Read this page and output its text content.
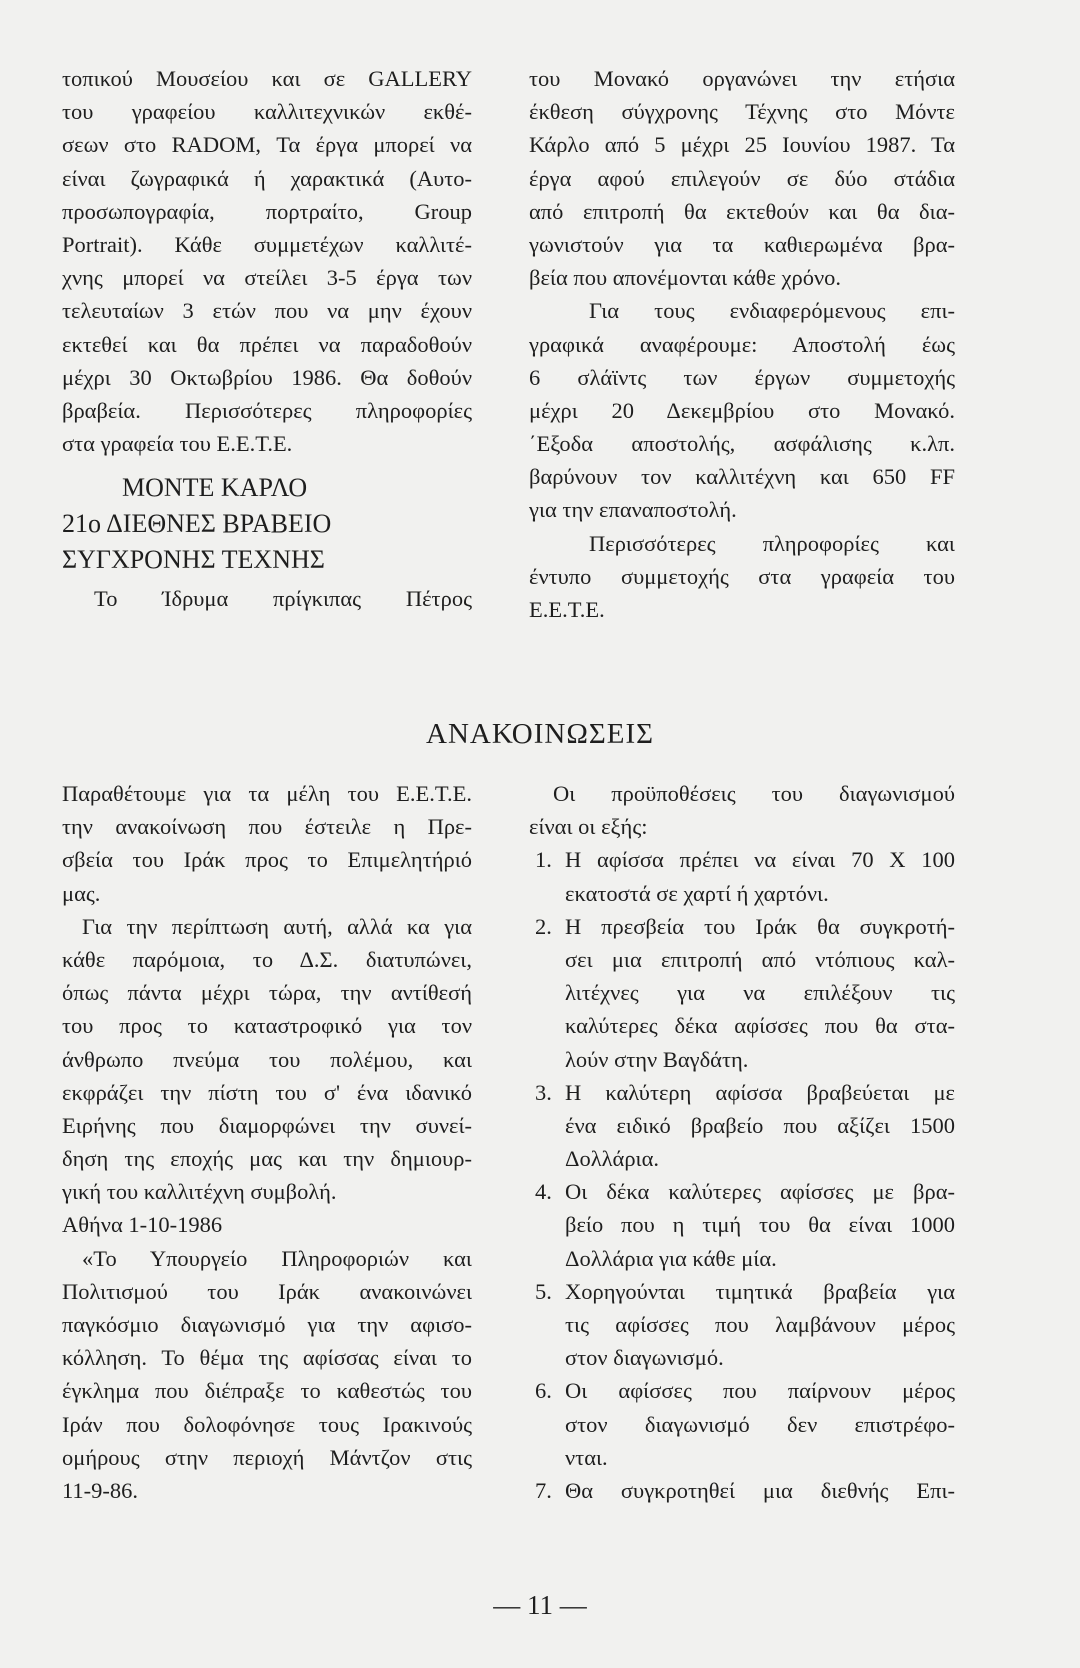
τοπικού Μουσείου και σε GALLERY
του γραφείου καλλιτεχνικών εκθέ-
σεων στο RADOM, Τα έργα μπορεί να
είναι ζωγραφικά ή χαρακτικά (Αυτο-
προσωπογραφία, πορτραίτο, Group
Portrait). Κάθε συμμετέχων καλλιτέ-
χνης μπορεί να στείλει 3-5 έργα των
τελευταίων 3 ετών που να μην έχουν
εκτεθεί και θα πρέπει να παραδοθούν
μέχρι 30 Οκτωβρίου 1986. Θα δοθούν
βραβεία. Περισσότερες πληροφορίες
στα γραφεία του Ε.Ε.Τ.Ε.
ΜΟΝΤΕ ΚΑΡΛΟ
21ο ΔΙΕΘΝΕΣ ΒΡΑΒΕΙΟ
ΣΥΓΧΡΟΝΗΣ ΤΕΧΝΗΣ
Το Ίδρυμα πρίγκιπας Πέτρος
του Μονακό οργανώνει την ετήσια
έκθεση σύγχρονης Τέχνης στο Μόντε
Κάρλο από 5 μέχρι 25 Ιουνίου 1987. Τα
έργα αφού επιλεγούν σε δύο στάδια
από επιτροπή θα εκτεθούν και θα δια-
γωνιστούν για τα καθιερωμένα βρα-
βεία που απονέμονται κάθε χρόνο.
Για τους ενδιαφερόμενους επι-
γραφικά αναφέρουμε: Αποστολή έως
6 σλάϊντς των έργων συμμετοχής
μέχρι 20 Δεκεμβρίου στο Μονακό.
΄Εξοδα αποστολής, ασφάλισης κ.λπ.
βαρύνουν τον καλλιτέχνη και 650 FF
για την επαναποστολή.
Περισσότερες πληροφορίες και
έντυπο συμμετοχής στα γραφεία του
Ε.Ε.Τ.Ε.
ΑΝΑΚΟΙΝΩΣΕΙΣ
Παραθέτουμε για τα μέλη του Ε.Ε.Τ.Ε.
την ανακοίνωση που έστειλε η Πρε-
σβεία του Ιράκ προς το Επιμελητήριό
μας.
Για την περίπτωση αυτή, αλλά κα για
κάθε παρόμοια, το Δ.Σ. διατυπώνει,
όπως πάντα μέχρι τώρα, την αντίθεσή
του προς το καταστροφικό για τον
άνθρωπο πνεύμα του πολέμου, και
εκφράζει την πίστη του σ' ένα ιδανικό
Ειρήνης που διαμορφώνει την συνεί-
δηση της εποχής μας και την δημιουρ-
γική του καλλιτέχνη συμβολή.
Αθήνα 1-10-1986
«Το Υπουργείο Πληροφοριών και
Πολιτισμού του Ιράκ ανακοινώνει
παγκόσμιο διαγωνισμό για την αφισο-
κόλληση. Το θέμα της αφίσσας είναι το
έγκλημα που διέπραξε το καθεστώς του
Ιράν που δολοφόνησε τους Ιρακινούς
ομήρους στην περιοχή Μάντζον στις
11-9-86.
Οι προϋποθέσεις του διαγωνισμού
είναι οι εξής:
1. Η αφίσσα πρέπει να είναι 70 Χ 100
εκατοστά σε χαρτί ή χαρτόνι.
2. Η πρεσβεία του Ιράκ θα συγκροτή-
σει μια επιτροπή από ντόπιους καλ-
λιτέχνες για να επιλέξουν τις
καλύτερες δέκα αφίσσες που θα στα-
λούν στην Βαγδάτη.
3. Η καλύτερη αφίσσα βραβεύεται με
ένα ειδικό βραβείο που αξίζει 1500
Δολλάρια.
4. Οι δέκα καλύτερες αφίσσες με βρα-
βείο που η τιμή του θα είναι 1000
Δολλάρια για κάθε μία.
5. Χορηγούνται τιμητικά βραβεία για
τις αφίσσες που λαμβάνουν μέρος
στον διαγωνισμό.
6. Οι αφίσσες που παίρνουν μέρος
στον διαγωνισμό δεν επιστρέφο-
νται.
7. Θα συγκροτηθεί μια διεθνής Επι-
— 11 —
